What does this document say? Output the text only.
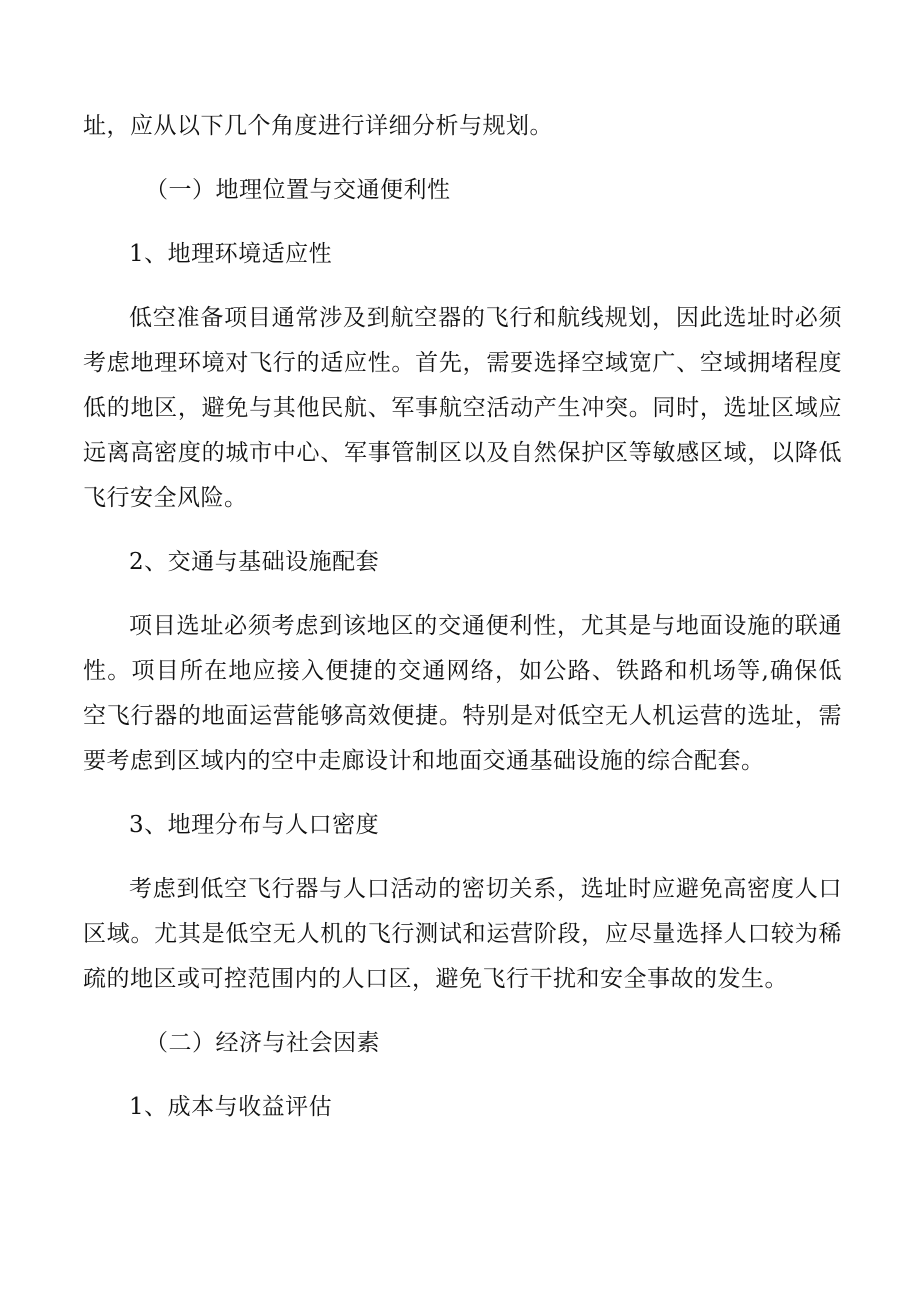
址，应从以下几个角度进行详细分析与规划。

（一）地理位置与交通便利性

1、地理环境适应性

低空准备项目通常涉及到航空器的飞行和航线规划，因此选址时必须考虑地理环境对飞行的适应性。首先，需要选择空域宽广、空域拥堵程度低的地区，避免与其他民航、军事航空活动产生冲突。同时，选址区域应远离高密度的城市中心、军事管制区以及自然保护区等敏感区域，以降低飞行安全风险。

2、交通与基础设施配套

项目选址必须考虑到该地区的交通便利性，尤其是与地面设施的联通性。项目所在地应接入便捷的交通网络，如公路、铁路和机场等,确保低空飞行器的地面运营能够高效便捷。特别是对低空无人机运营的选址，需要考虑到区域内的空中走廊设计和地面交通基础设施的综合配套。

3、地理分布与人口密度

考虑到低空飞行器与人口活动的密切关系，选址时应避免高密度人口区域。尤其是低空无人机的飞行测试和运营阶段，应尽量选择人口较为稀疏的地区或可控范围内的人口区，避免飞行干扰和安全事故的发生。

（二）经济与社会因素

1、成本与收益评估
